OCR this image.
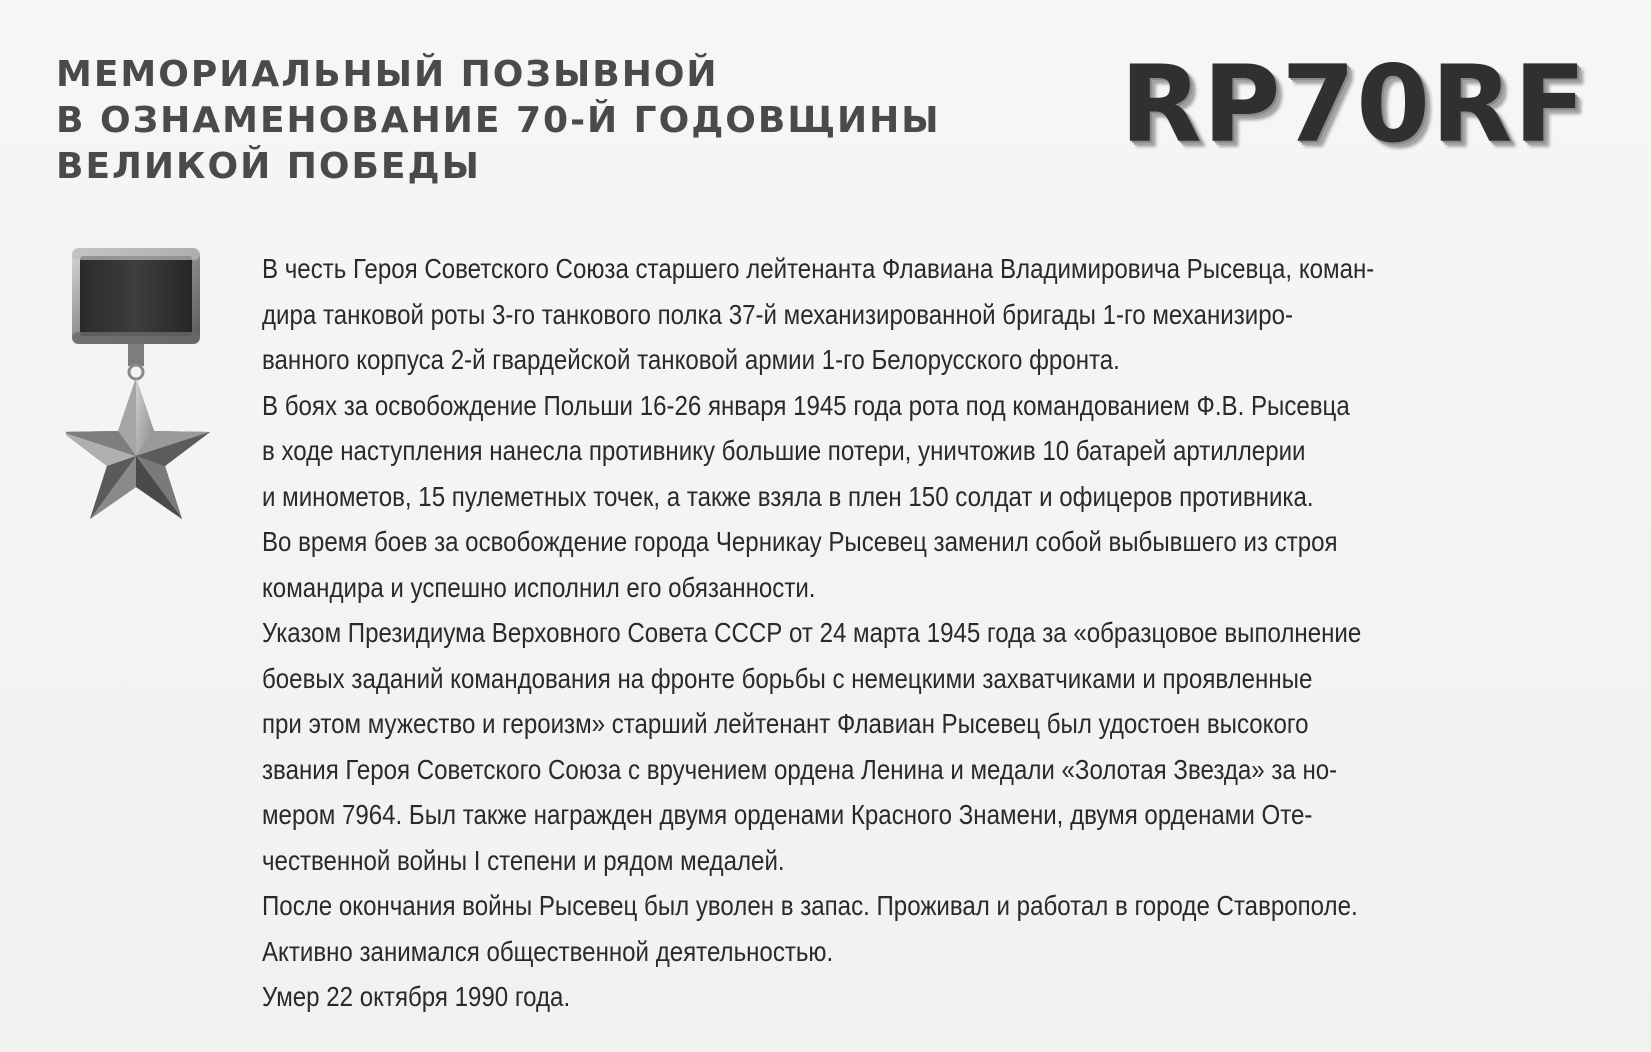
МЕМОРИАЛЬНЫЙ ПОЗЫВНОЙ
В ОЗНАМЕНОВАНИЕ 70-Й ГОДОВЩИНЫ
ВЕЛИКОЙ ПОБЕДЫ
RP70RF

В честь Героя Советского Союза старшего лейтенанта Флавиана Владимировича Рысевца, коман-
дира танковой роты 3-го танкового полка 37-й механизированной бригады 1-го механизиро-
ванного корпуса 2-й гвардейской танковой армии 1-го Белорусского фронта.

В боях за освобождение Польши 16-26 января 1945 года рота под командованием Ф.В. Рысевца
в ходе наступления нанесла противнику большие потери, уничтожив 10 батарей артиллерии
и минометов, 15 пулеметных точек, а также взяла в плен 150 солдат и офицеров противника.

Во время боев за освобождение города Черникау Рысевец заменил собой выбывшего из строя
командира и успешно исполнил его обязанности.

Указом Президиума Верховного Совета СССР от 24 марта 1945 года за «образцовое выполнение
боевых заданий командования на фронте борьбы с немецкими захватчиками и проявленные
при этом мужество и героизм» старший лейтенант Флавиан Рысевец был удостоен высокого
звания Героя Советского Союза с вручением ордена Ленина и медали «Золотая Звезда» за но-
мером 7964. Был также награжден двумя орденами Красного Знамени, двумя орденами Оте-
чественной войны I степени и рядом медалей.

После окончания войны Рысевец был уволен в запас. Проживал и работал в городе Ставрополе.
Активно занимался общественной деятельностью.

Умер 22 октября 1990 года.
